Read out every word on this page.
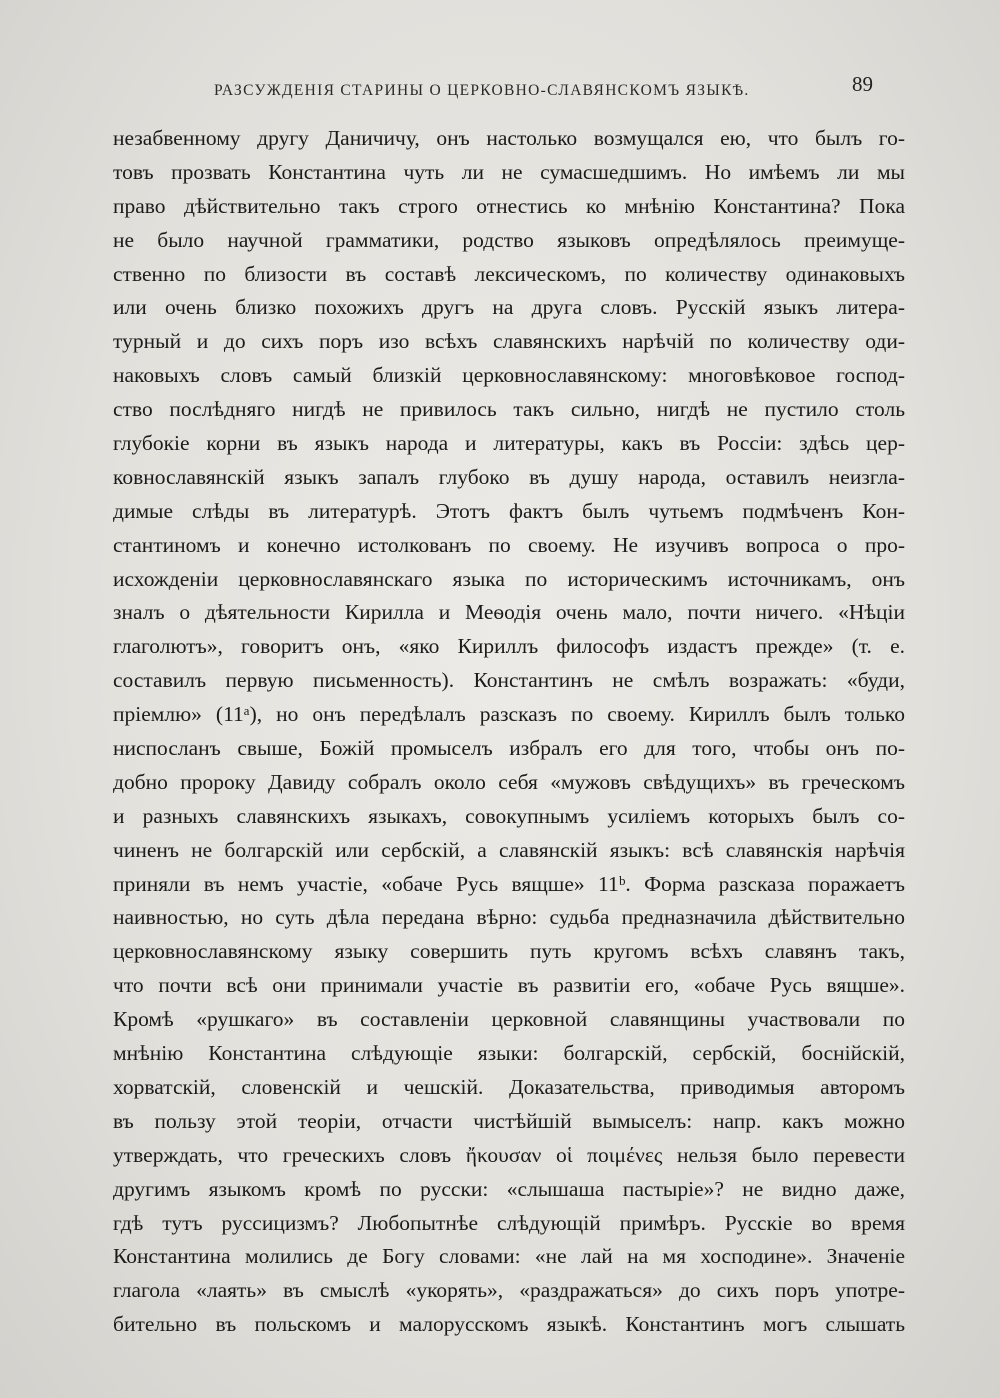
РАЗСУЖДЕНІЯ СТАРИНЫ О ЦЕРКОВНО-СЛАВЯНСКОМЪ ЯЗЫКѢ.	89
незабвенному другу Даничичу, онъ настолько возмущался ею, что былъ го-
товъ прозвать Константина чуть ли не сумасшедшимъ. Но имѣемъ ли мы
право дѣйствительно такъ строго отнестись ко мнѣнію Константина? Пока
не было научной грамматики, родство языковъ опредѣлялось преимуще-
ственно по близости въ составѣ лексическомъ, по количеству одинаковыхъ
или очень близко похожихъ другъ на друга словъ. Русскій языкъ литера-
турный и до сихъ поръ изо всѣхъ славянскихъ нарѣчій по количеству оди-
наковыхъ словъ самый близкій церковнославянскому: многовѣковое господ-
ство послѣдняго нигдѣ не привилось такъ сильно, нигдѣ не пустило столь
глубокіе корни въ языкъ народа и литературы, какъ въ Россіи: здѣсь цер-
ковнославянскій языкъ запалъ глубоко въ душу народа, оставилъ неизгла-
димые слѣды въ литературѣ. Этотъ фактъ былъ чутьемъ подмѣченъ Кон-
стантиномъ и конечно истолкованъ по своему. Не изучивъ вопроса о про-
исхожденіи церковнославянскаго языка по историческимъ источникамъ, онъ
зналъ о дѣятельности Кирилла и Меѳодія очень мало, почти ничего. «Нѣціи
глаголютъ», говоритъ онъ, «яко Кириллъ философъ издастъ прежде» (т. е.
составилъ первую письменность). Константинъ не смѣлъ возражать: «буди,
пріемлю» (11ᵃ), но онъ передѣлалъ разсказъ по своему. Кириллъ былъ только
ниспосланъ свыше, Божій промыселъ избралъ его для того, чтобы онъ по-
добно пророку Давиду собралъ около себя «мужовъ свѣдущихъ» въ греческомъ
и разныхъ славянскихъ языкахъ, совокупнымъ усиліемъ которыхъ былъ со-
чиненъ не болгарскій или сербскій, а славянскій языкъ: всѣ славянскія нарѣчія
приняли въ немъ участіе, «обаче Русь вящше» 11ᵇ. Форма разсказа поражаетъ
наивностью, но суть дѣла передана вѣрно: судьба предназначила дѣйствительно
церковнославянскому языку совершить путь кругомъ всѣхъ славянъ такъ,
что почти всѣ они принимали участіе въ развитіи его, «обаче Русь вящше».
Кромѣ «рушкаго» въ составленіи церковной славянщины участвовали по
мнѣнію Константина слѣдующіе языки: болгарскій, сербскій, боснійскій,
хорватскій, словенскій и чешскій. Доказательства, приводимыя авторомъ
въ пользу этой теоріи, отчасти чистѣйшій вымыселъ: напр. какъ можно
утверждать, что греческихъ словъ ἤκουσαν οἱ ποιμένες нельзя было перевести
другимъ языкомъ кромѣ по русски: «слышаша пастыріе»? не видно даже,
гдѣ тутъ руссицизмъ? Любопытнѣе слѣдующій примѣръ. Русскіе во время
Константина молились де Богу словами: «не лай на мя хосподине». Значеніе
глагола «лаять» въ смыслѣ «укорять», «раздражаться» до сихъ поръ употре-
бительно въ польскомъ и малорусскомъ языкѣ. Константинъ могъ слышать
